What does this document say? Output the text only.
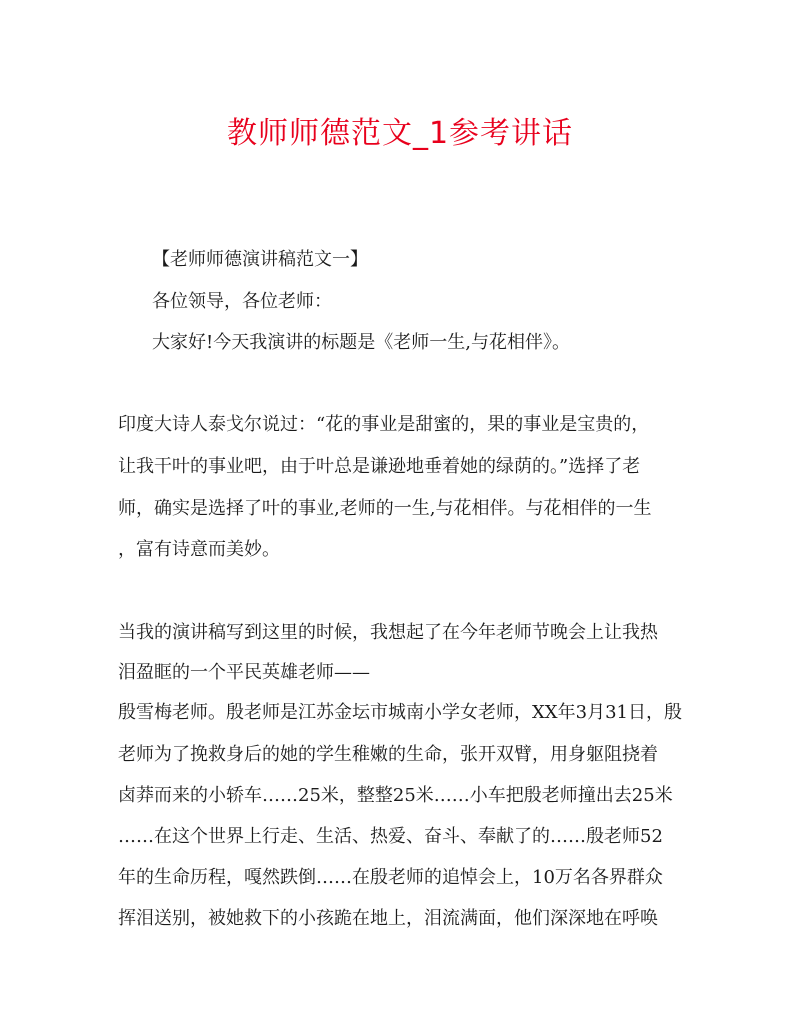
教师师德范文_1参考讲话
【老师师德演讲稿范文一】
各位领导，各位老师：
大家好!今天我演讲的标题是《老师一生,与花相伴》。
印度大诗人泰戈尔说过：“花的事业是甜蜜的，果的事业是宝贵的，
让我干叶的事业吧，由于叶总是谦逊地垂着她的绿荫的。”选择了老
师，确实是选择了叶的事业,老师的一生,与花相伴。与花相伴的一生
，富有诗意而美妙。
当我的演讲稿写到这里的时候，我想起了在今年老师节晚会上让我热
泪盈眶的一个平民英雄老师——
殷雪梅老师。殷老师是江苏金坛市城南小学女老师，XX年3月31日，殷
老师为了挽救身后的她的学生稚嫩的生命，张开双臂，用身躯阻挠着
卤莽而来的小轿车……25米，整整25米……小车把殷老师撞出去25米
……在这个世界上行走、生活、热爱、奋斗、奉献了的……殷老师52
年的生命历程，嘎然跌倒……在殷老师的追悼会上，10万名各界群众
挥泪送别，被她救下的小孩跪在地上，泪流满面，他们深深地在呼唤
